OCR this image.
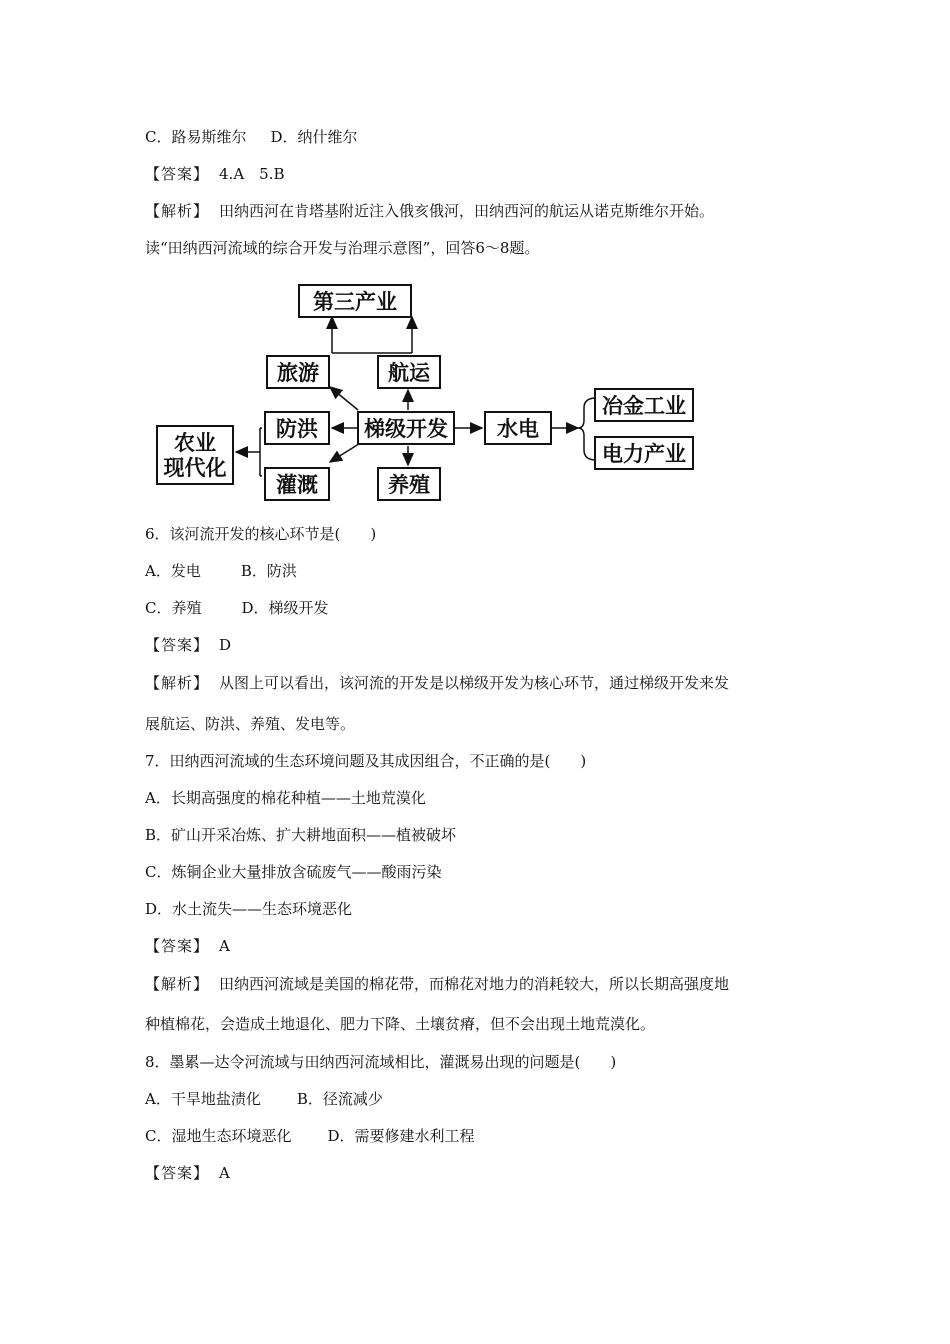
C．路易斯维尔 D．纳什维尔
【答案】 4.A　5.B
【解析】 田纳西河在肯塔基附近注入俄亥俄河，田纳西河的航运从诺克斯维尔开始。
读“田纳西河流域的综合开发与治理示意图”，回答6～8题。
第三产业
旅游	航运
防洪	梯级开发	水电
冶金工业
电力产业
农业
现代化
灌溉	养殖
6．该河流开发的核心环节是(　　)
A．发电	B．防洪
C．养殖	D．梯级开发
【答案】 D
【解析】 从图上可以看出，该河流的开发是以梯级开发为核心环节，通过梯级开发来发
展航运、防洪、养殖、发电等。
7．田纳西河流域的生态环境问题及其成因组合，不正确的是(　　)
A．长期高强度的棉花种植——土地荒漠化
B．矿山开采冶炼、扩大耕地面积——植被破坏
C．炼铜企业大量排放含硫废气——酸雨污染
D．水土流失——生态环境恶化
【答案】 A
【解析】 田纳西河流域是美国的棉花带，而棉花对地力的消耗较大，所以长期高强度地
种植棉花，会造成土地退化、肥力下降、土壤贫瘠，但不会出现土地荒漠化。
8．墨累—达令河流域与田纳西河流域相比，灌溉易出现的问题是(　　)
A．干旱地盐渍化 B．径流减少
C．湿地生态环境恶化 D．需要修建水利工程
【答案】 A
